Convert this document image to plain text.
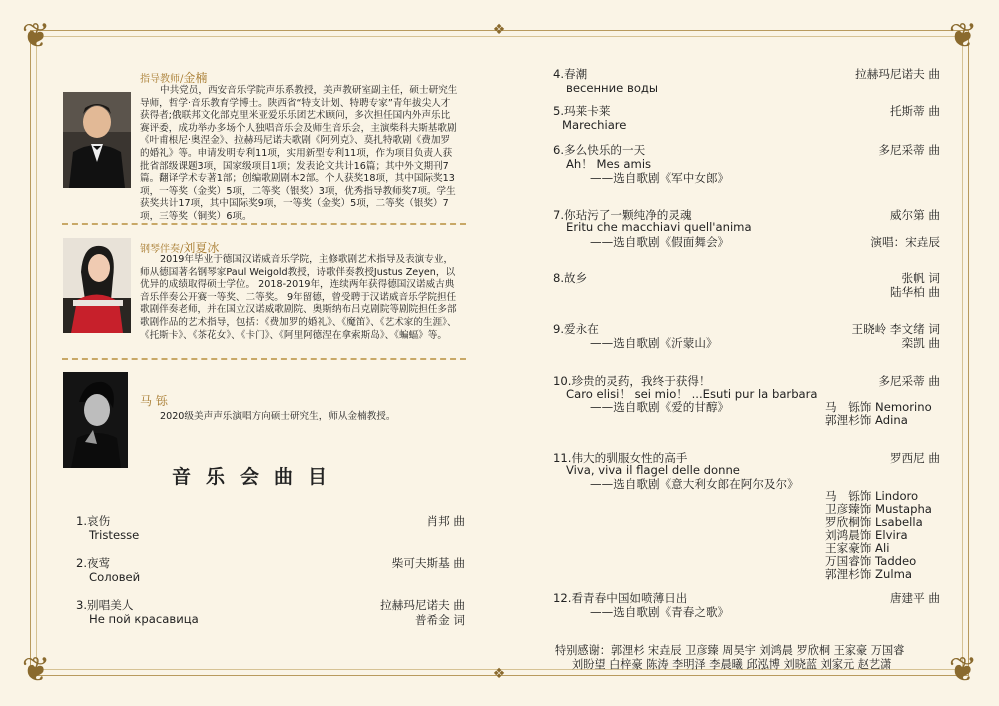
❦	❦
❦	❦
❖
❖
指导教师/金楠
中共党员，西安音乐学院声乐系教授，美声教研室副主任，硕士研究生导师，哲学·音乐教育学博士。陕西省“特支计划、特聘专家”青年拔尖人才获得者;俄联邦文化部克里米亚爱乐乐团艺术顾问，多次担任国内外声乐比赛评委，成功举办多场个人独唱音乐会及师生音乐会，主演柴科夫斯基歌剧《叶甫根尼·奥涅金》、拉赫玛尼诺夫歌剧《阿列克》、莫扎特歌剧《费加罗的婚礼》等。申请发明专利11项，实用新型专利11项，作为项目负责人获批省部级课题3项，国家级项目1项；发表论文共计16篇；其中外文期刊7篇。翻译学术专著1部；创编歌剧剧本2部。个人获奖18项，其中国际奖13项，一等奖（金奖）5项，二等奖（银奖）3项，优秀指导教师奖7项。学生获奖共计17项，其中国际奖9项，一等奖（金奖）5项，二等奖（银奖）7项，三等奖（铜奖）6项。
钢琴伴奏/刘夏冰
2019年毕业于德国汉诺威音乐学院，主修歌剧艺术指导及表演专业，师从德国著名钢琴家Paul Weigold教授，诗歌伴奏教授Justus Zeyen，以优异的成绩取得硕士学位。 2018-2019年，连续两年获得德国汉诺威古典音乐伴奏公开赛一等奖、二等奖。 9年留德，曾受聘于汉诺威音乐学院担任歌剧伴奏老师，并在国立汉诺威歌剧院、奥斯纳布吕克剧院等剧院担任多部歌剧作品的艺术指导，包括：《费加罗的婚礼》、《魔笛》、《艺术家的生涯》、《托斯卡》、《茶花女》、《卡门》、《阿里阿德涅在拿索斯岛》、《蝙蝠》等。
马 铄
2020级美声声乐演唱方向硕士研究生，师从金楠教授。
音乐会曲目
1.哀伤
Tristesse
肖邦 曲
2.夜莺
Соловей
柴可夫斯基 曲
3.别唱美人
Не пой красавица
拉赫玛尼诺夫 曲
普希金 词
4.春潮
весенние воды
拉赫玛尼诺夫 曲
5.玛莱卡莱
Marechiare
托斯蒂 曲
6.多么快乐的一天
Ah！ Mes amis
——选自歌剧《军中女郎》
多尼采蒂 曲
7.你玷污了一颗纯净的灵魂
Eritu che macchiavi quell'anima
——选自歌剧《假面舞会》
威尔第 曲
演唱：宋垚辰
8.故乡	张帆 词
陆华柏 曲
9.爱永在
——选自歌剧《沂蒙山》
王晓岭 李文绪 词
栾凯 曲
10.珍贵的灵药，我终于获得！
Caro elisi！ sei mio！ ...Esuti pur la barbara
——选自歌剧《爱的甘醇》
多尼采蒂 曲
马　铄饰 Nemorino
郭浬杉饰 Adina
11.伟大的驯服女性的高手
Viva, viva il flagel delle donne
——选自歌剧《意大利女郎在阿尔及尔》
罗西尼 曲
马　铄饰 Lindoro
卫彦臻饰 Mustapha
罗欣桐饰 Lsabella
刘鸿晨饰 Elvira
王家豪饰 Ali
万国睿饰 Taddeo
郭浬杉饰 Zulma
12.看青春中国如喷薄日出
——选自歌剧《青春之歌》
唐建平 曲
特别感谢：郭浬杉 宋垚辰 卫彦臻 周昊宇 刘鸿晨 罗欣桐 王家豪 万国睿
刘盼望 白梓豪 陈涛 李明泽 李晨曦 邱泓博 刘晓蓝 刘家元 赵艺潇
